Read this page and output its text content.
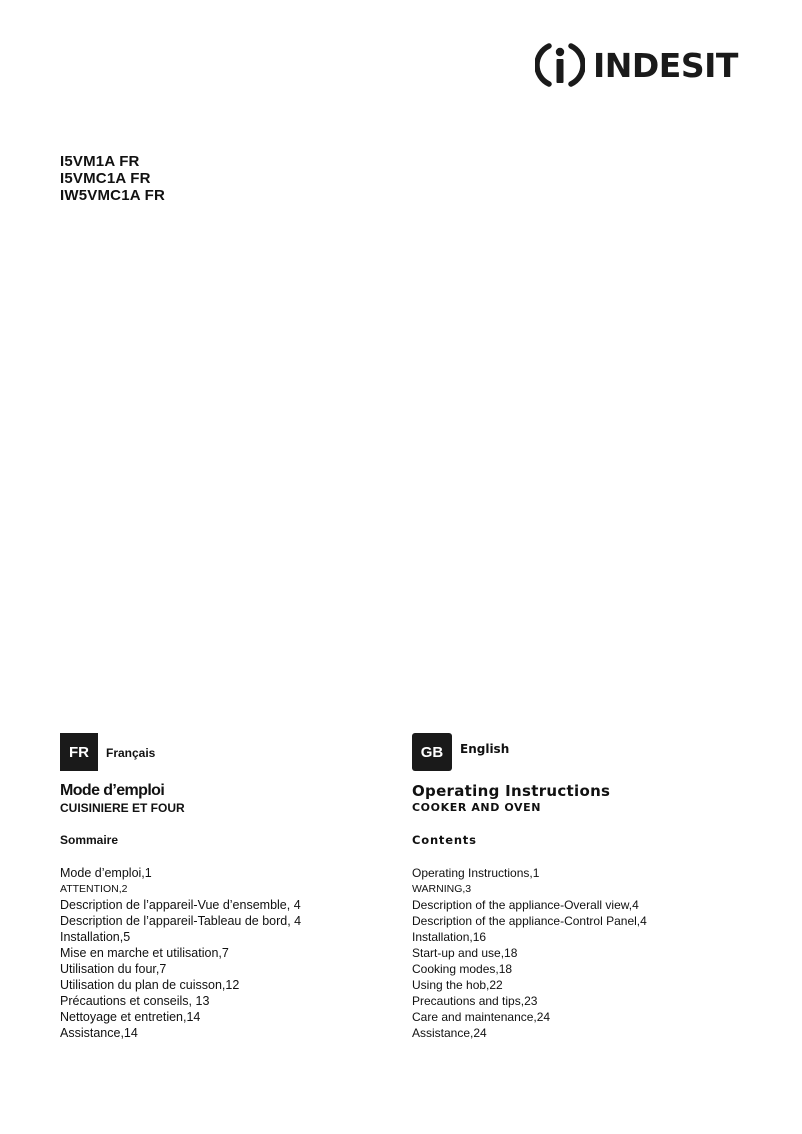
INDESIT
I5VM1A FR
I5VMC1A FR
IW5VMC1A FR
FR	Français
Mode d’emploi
CUISINIERE ET FOUR
Sommaire
Mode d’emploi,1
ATTENTION,2
Description de l’appareil-Vue d’ensemble, 4
Description de l’appareil-Tableau de bord, 4
Installation,5
Mise en marche et utilisation,7
Utilisation du four,7
Utilisation du plan de cuisson,12
Précautions et conseils, 13
Nettoyage et entretien,14
Assistance,14
GB	English
Operating Instructions
COOKER AND OVEN
Contents
Operating Instructions,1
WARNING,3
Description of the appliance-Overall view,4
Description of the appliance-Control Panel,4
Installation,16
Start-up and use,18
Cooking modes,18
Using the hob,22
Precautions and tips,23
Care and maintenance,24
Assistance,24
